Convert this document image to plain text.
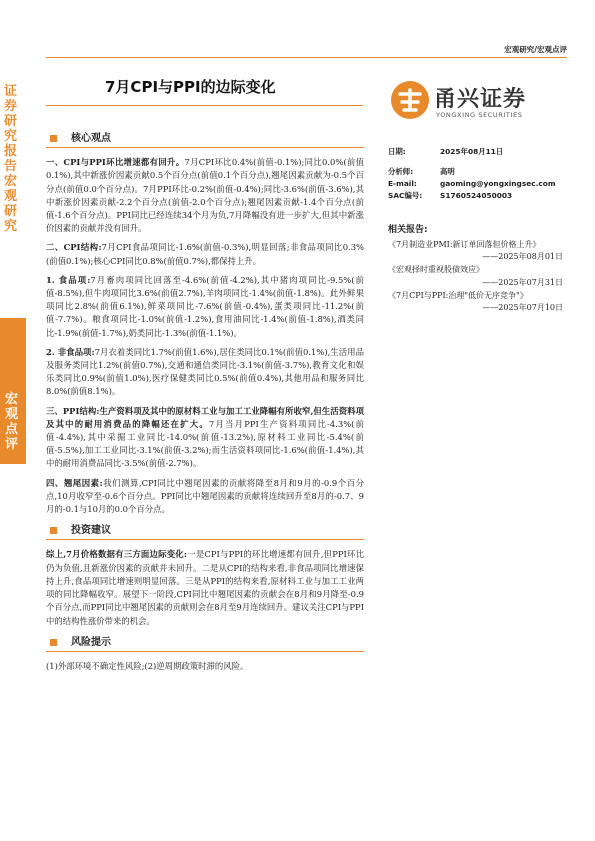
证券研究报告宏观研究
宏观点评
宏观研究/宏观点评
7月CPI与PPI的边际变化	甬兴证券
YONGXING SECURITIES
核心观点

一、CPI与PPI环比增速都有回升。7月CPI环比0.4%(前值-0.1%);同比0.0%(前值0.1%),其中新涨价因素贡献0.5个百分点(前值0.1个百分点),翘尾因素贡献为-0.5个百分点(前值0.0个百分点)。7月PPI环比-0.2%(前值-0.4%);同比-3.6%(前值-3.6%),其中新涨价因素贡献-2.2个百分点(前值-2.0个百分点);翘尾因素贡献-1.4个百分点(前值-1.6个百分点)。PPI同比已经连续34个月为负,7月降幅没有进一步扩大,但其中新涨价因素的贡献并没有回升。

二、CPI结构:7月CPI食品项同比-1.6%(前值-0.3%),明显回落;非食品项同比0.3%(前值0.1%);核心CPI同比0.8%(前值0.7%),都保持上升。

1. 食品项:7月畜肉项同比回落至-4.6%(前值-4.2%),其中猪肉项同比-9.5%(前值-8.5%),但牛肉项同比3.6%(前值2.7%),羊肉项同比-1.4%(前值-1.8%)。此外鲜果项同比2.8%(前值6.1%),鲜菜项同比-7.6%(前值-0.4%),蛋类项同比-11.2%(前值-7.7%)。粮食项同比-1.0%(前值-1.2%),食用油同比-1.4%(前值-1.8%),酒类同比-1.9%(前值-1.7%),奶类同比-1.3%(前值-1.1%)。

2. 非食品项:7月衣着类同比1.7%(前值1.6%),居住类同比0.1%(前值0.1%),生活用品及服务类同比1.2%(前值0.7%),交通和通信类同比-3.1%(前值-3.7%),教育文化和娱乐类同比0.9%(前值1.0%),医疗保健类同比0.5%(前值0.4%),其他用品和服务同比8.0%(前值8.1%)。

三、PPI结构:生产资料项及其中的原材料工业与加工工业降幅有所收窄,但生活资料项及其中的耐用消费品的降幅还在扩大。7月当月PPI生产资料项同比-4.3%(前值-4.4%),其中采掘工业同比-14.0%(前值-13.2%),原材料工业同比-5.4%(前值-5.5%),加工工业同比-3.1%(前值-3.2%);而生活资料项同比-1.6%(前值-1.4%),其中的耐用消费品同比-3.5%(前值-2.7%)。

四、翘尾因素:我们测算,CPI同比中翘尾因素的贡献将降至8月和9月的-0.9个百分点,10月收窄至-0.6个百分点。PPI同比中翘尾因素的贡献将连续回升至8月的-0.7、9月的-0.1与10月的0.0个百分点。

投资建议

综上,7月价格数据有三方面边际变化:一是CPI与PPI的环比增速都有回升,但PPI环比仍为负值,且新涨价因素的贡献并未回升。二是从CPI的结构来看,非食品项同比增速保持上升,食品项同比增速则明显回落。三是从PPI的结构来看,原材料工业与加工工业两项的同比降幅收窄。展望下一阶段,CPI同比中翘尾因素的贡献会在8月和9月降至-0.9个百分点,而PPI同比中翘尾因素的贡献则会在8月至9月连续回升。建议关注CPI与PPI中的结构性涨价带来的机会。

风险提示

(1)外部环境不确定性风险;(2)逆周期政策时滞的风险。

日期:	2025年08月11日
分析师:	高明
E-mail:	gaoming@yongxingsec.com
SAC编号:	S1760524050003
相关报告:
《7月制造业PMI:新订单回落但价格上升》
——2025年08月01日
《宏观择时重视股债效应》
——2025年07月31日
《7月CPI与PPI:治理"低价无序竞争"》
——2025年07月10日
